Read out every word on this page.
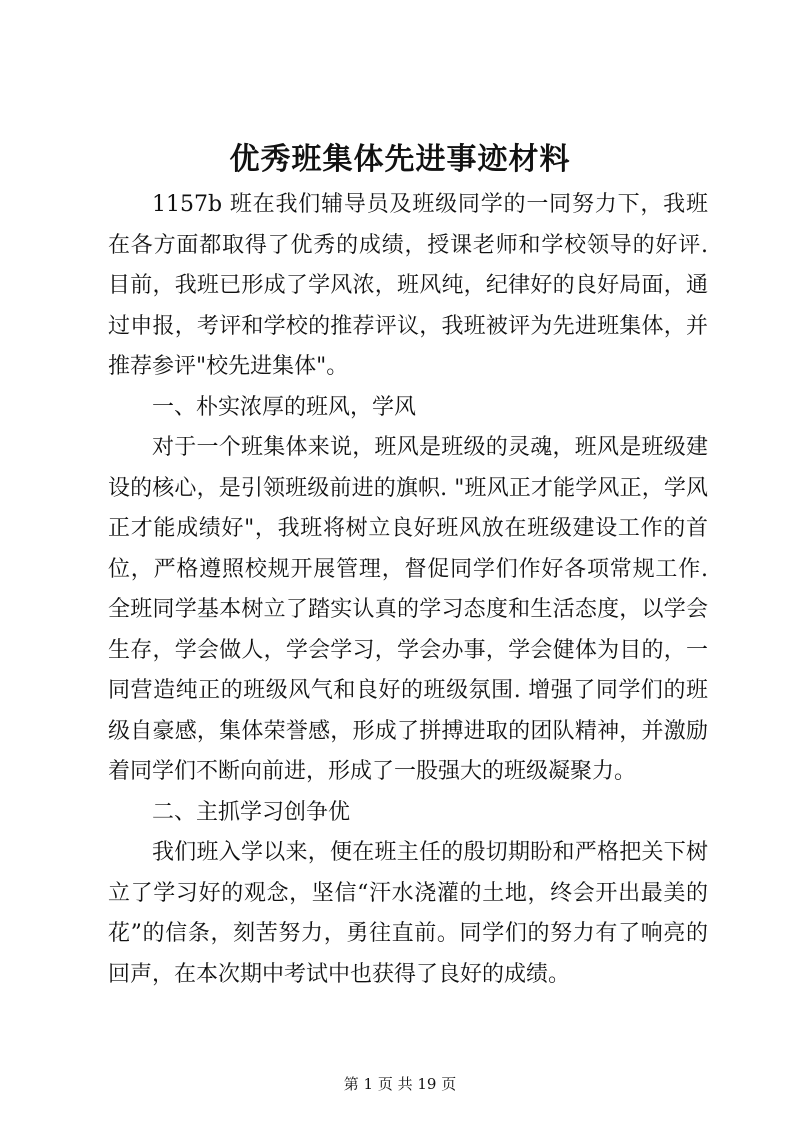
优秀班集体先进事迹材料

1157b 班在我们辅导员及班级同学的一同努力下，我班在各方面都取得了优秀的成绩，授课老师和学校领导的好评. 目前，我班已形成了学风浓，班风纯，纪律好的良好局面，通过申报，考评和学校的推荐评议，我班被评为先进班集体，并推荐参评"校先进集体"。

一、朴实浓厚的班风，学风

对于一个班集体来说，班风是班级的灵魂，班风是班级建设的核心，是引领班级前进的旗帜. "班风正才能学风正，学风正才能成绩好"，我班将树立良好班风放在班级建设工作的首位，严格遵照校规开展管理，督促同学们作好各项常规工作. 全班同学基本树立了踏实认真的学习态度和生活态度，以学会生存，学会做人，学会学习，学会办事，学会健体为目的，一同营造纯正的班级风气和良好的班级氛围. 增强了同学们的班级自豪感，集体荣誉感，形成了拼搏进取的团队精神，并激励着同学们不断向前进，形成了一股强大的班级凝聚力。

二、主抓学习创争优

我们班入学以来，便在班主任的殷切期盼和严格把关下树立了学习好的观念，坚信“汗水浇灌的土地，终会开出最美的花”的信条，刻苦努力，勇往直前。同学们的努力有了响亮的回声，在本次期中考试中也获得了良好的成绩。

第 1 页 共 19 页
